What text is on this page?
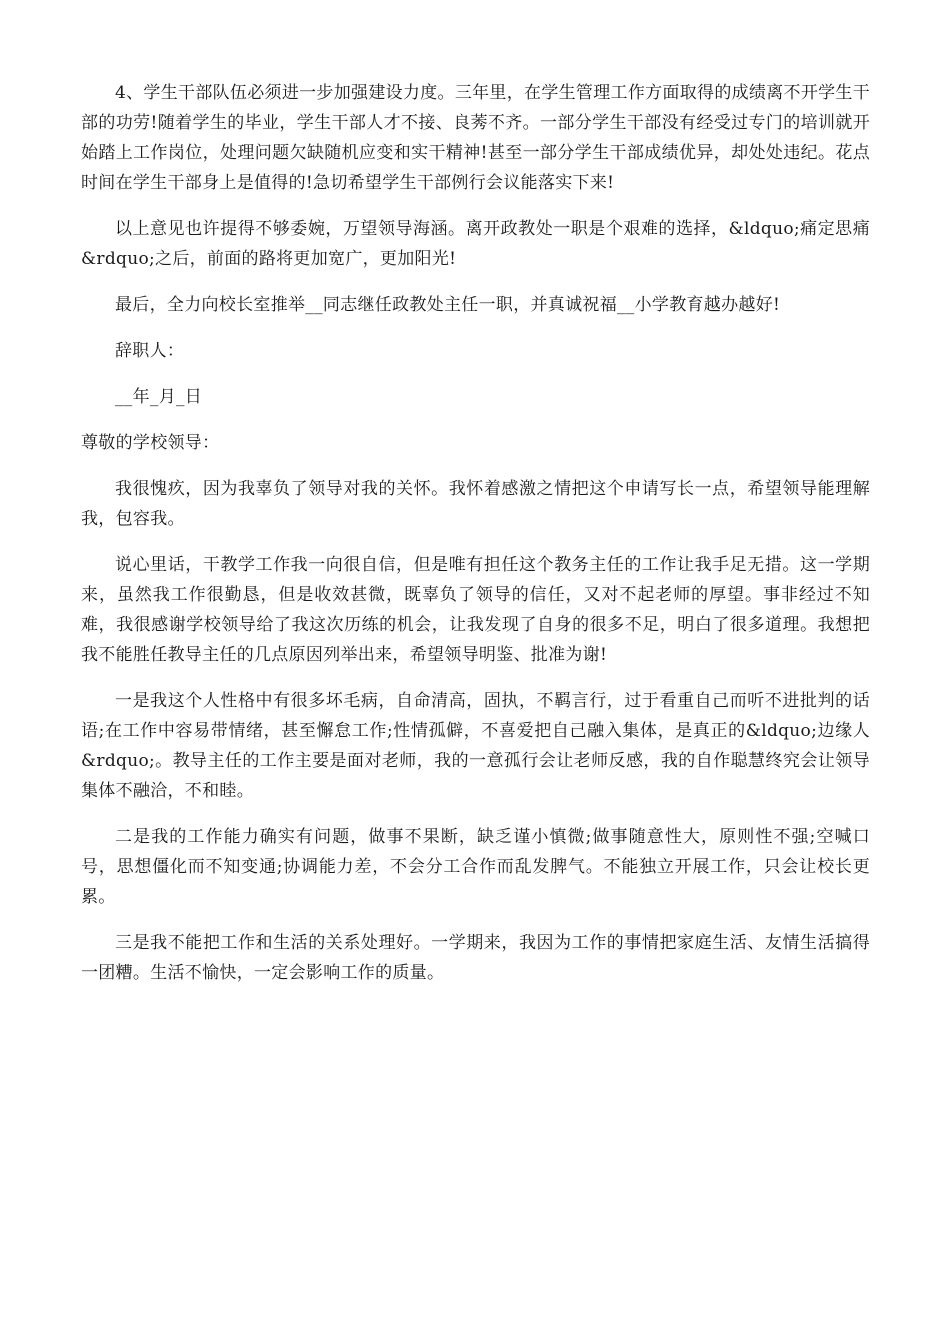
4、学生干部队伍必须进一步加强建设力度。三年里，在学生管理工作方面取得的成绩离不开学生干部的功劳!随着学生的毕业，学生干部人才不接、良莠不齐。一部分学生干部没有经受过专门的培训就开始踏上工作岗位，处理问题欠缺随机应变和实干精神!甚至一部分学生干部成绩优异，却处处违纪。花点时间在学生干部身上是值得的!急切希望学生干部例行会议能落实下来!

以上意见也许提得不够委婉，万望领导海涵。离开政教处一职是个艰难的选择，&ldquo;痛定思痛&rdquo;之后，前面的路将更加宽广，更加阳光!

最后，全力向校长室推举__同志继任政教处主任一职，并真诚祝福__小学教育越办越好!

辞职人：

__年_月_日

尊敬的学校领导：

我很愧疚，因为我辜负了领导对我的关怀。我怀着感激之情把这个申请写长一点，希望领导能理解我，包容我。

说心里话，干教学工作我一向很自信，但是唯有担任这个教务主任的工作让我手足无措。这一学期来，虽然我工作很勤恳，但是收效甚微，既辜负了领导的信任，又对不起老师的厚望。事非经过不知难，我很感谢学校领导给了我这次历练的机会，让我发现了自身的很多不足，明白了很多道理。我想把我不能胜任教导主任的几点原因列举出来，希望领导明鉴、批准为谢!

一是我这个人性格中有很多坏毛病，自命清高，固执，不羁言行，过于看重自己而听不进批判的话语;在工作中容易带情绪，甚至懈怠工作;性情孤僻，不喜爱把自己融入集体，是真正的&ldquo;边缘人&rdquo;。教导主任的工作主要是面对老师，我的一意孤行会让老师反感，我的自作聪慧终究会让领导集体不融洽，不和睦。

二是我的工作能力确实有问题，做事不果断，缺乏谨小慎微;做事随意性大，原则性不强;空喊口号，思想僵化而不知变通;协调能力差，不会分工合作而乱发脾气。不能独立开展工作，只会让校长更累。

三是我不能把工作和生活的关系处理好。一学期来，我因为工作的事情把家庭生活、友情生活搞得一团糟。生活不愉快，一定会影响工作的质量。
